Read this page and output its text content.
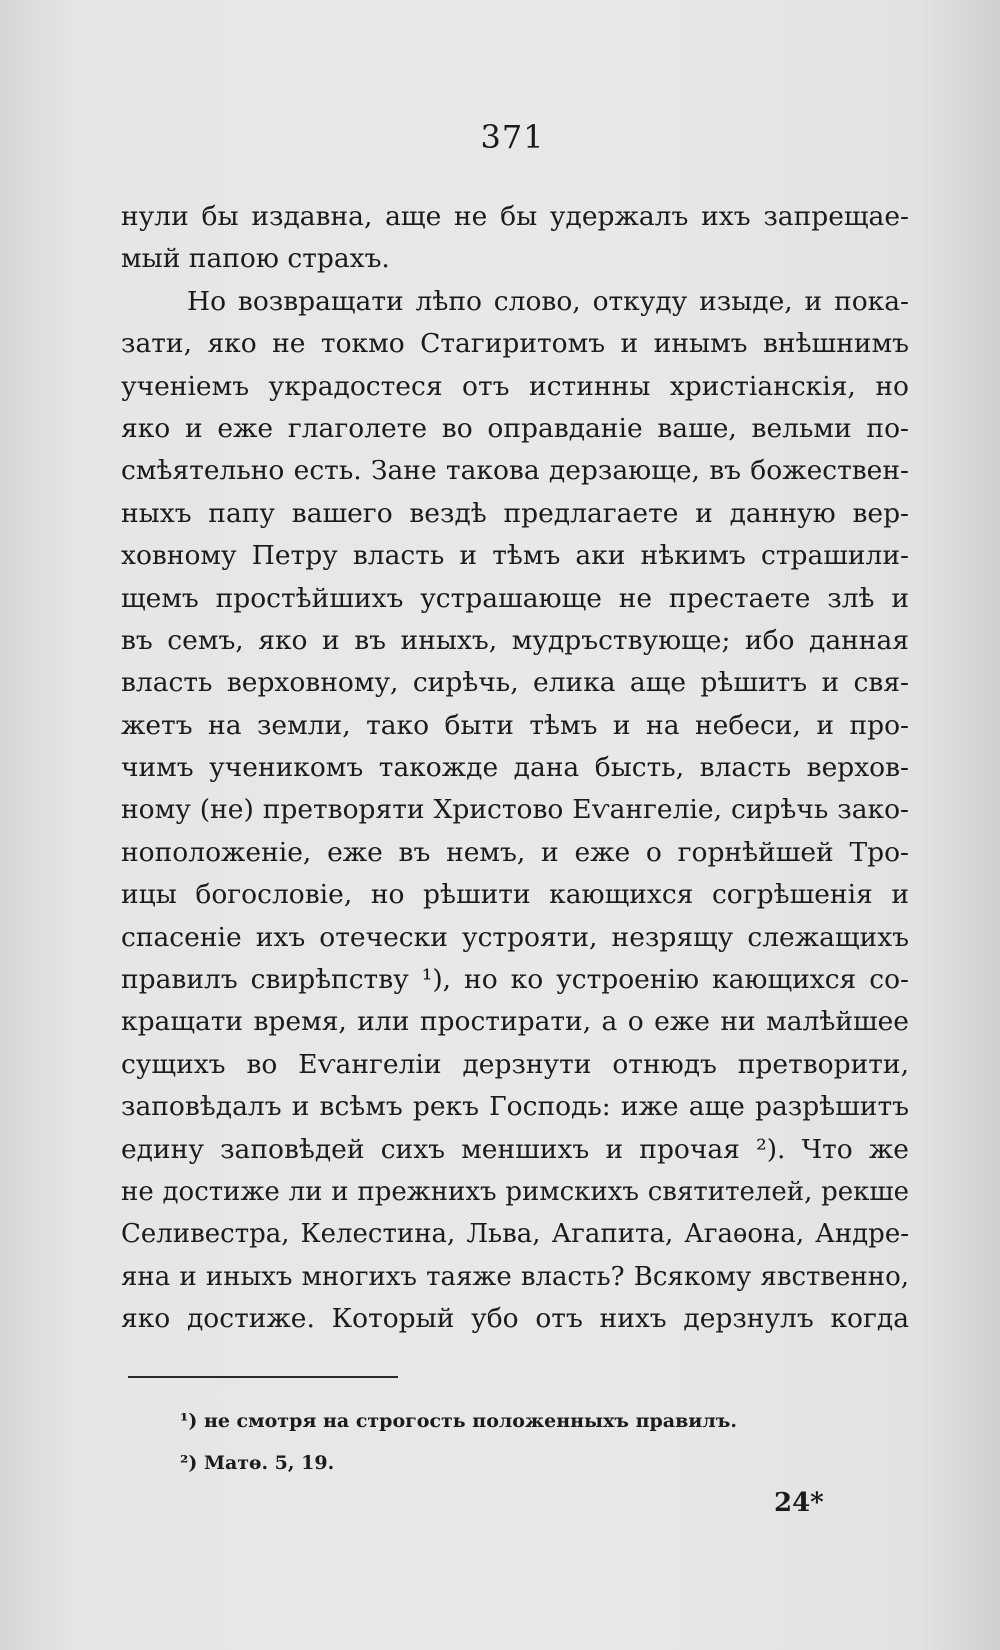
371
нули бы издавна, аще не бы удержалъ ихъ запрещае-
мый папою страхъ.
Но возвращати лѣпо слово, откуду изыде, и пока-
зати, яко не токмо Стагиритомъ и инымъ внѣшнимъ
ученіемъ украдостеся отъ истинны христіанскія, но
яко и еже глаголете во оправданіе ваше, вельми по-
смѣятельно есть. Зане такова дерзающе, въ божествен-
ныхъ папу вашего вездѣ предлагаете и данную вер-
ховному Петру власть и тѣмъ аки нѣкимъ страшили-
щемъ простѣйшихъ устрашающе не престаете злѣ и
въ семъ, яко и въ иныхъ, мудръствующе; ибо данная
власть верховному, сирѣчь, елика аще рѣшитъ и свя-
жетъ на земли, тако быти тѣмъ и на небеси, и про-
чимъ ученикомъ такожде дана бысть, власть верхов-
ному (не) претворяти Христово Еѵангеліе, сирѣчь зако-
ноположеніе, еже въ немъ, и еже о горнѣйшей Тро-
ицы богословіе, но рѣшити кающихся согрѣшенія и
спасеніе ихъ отечески устрояти, незрящу слежащихъ
правилъ свирѣпству ¹), но ко устроенію кающихся со-
кращати время, или простирати, а о еже ни малѣйшее
сущихъ во Еѵангеліи дерзнути отнюдъ претворити,
заповѣдалъ и всѣмъ рекъ Господь: иже аще разрѣшитъ
едину заповѣдей сихъ меншихъ и прочая ²). Что же
не достиже ли и прежнихъ римскихъ святителей, рекше
Селивестра, Келестина, Льва, Агапита, Агаѳона, Андре-
яна и иныхъ многихъ таяже власть? Всякому явственно,
яко достиже. Который убо отъ нихъ дерзнулъ когда
¹) не смотря на строгость положенныхъ правилъ.
²) Матѳ. 5, 19.
24*
